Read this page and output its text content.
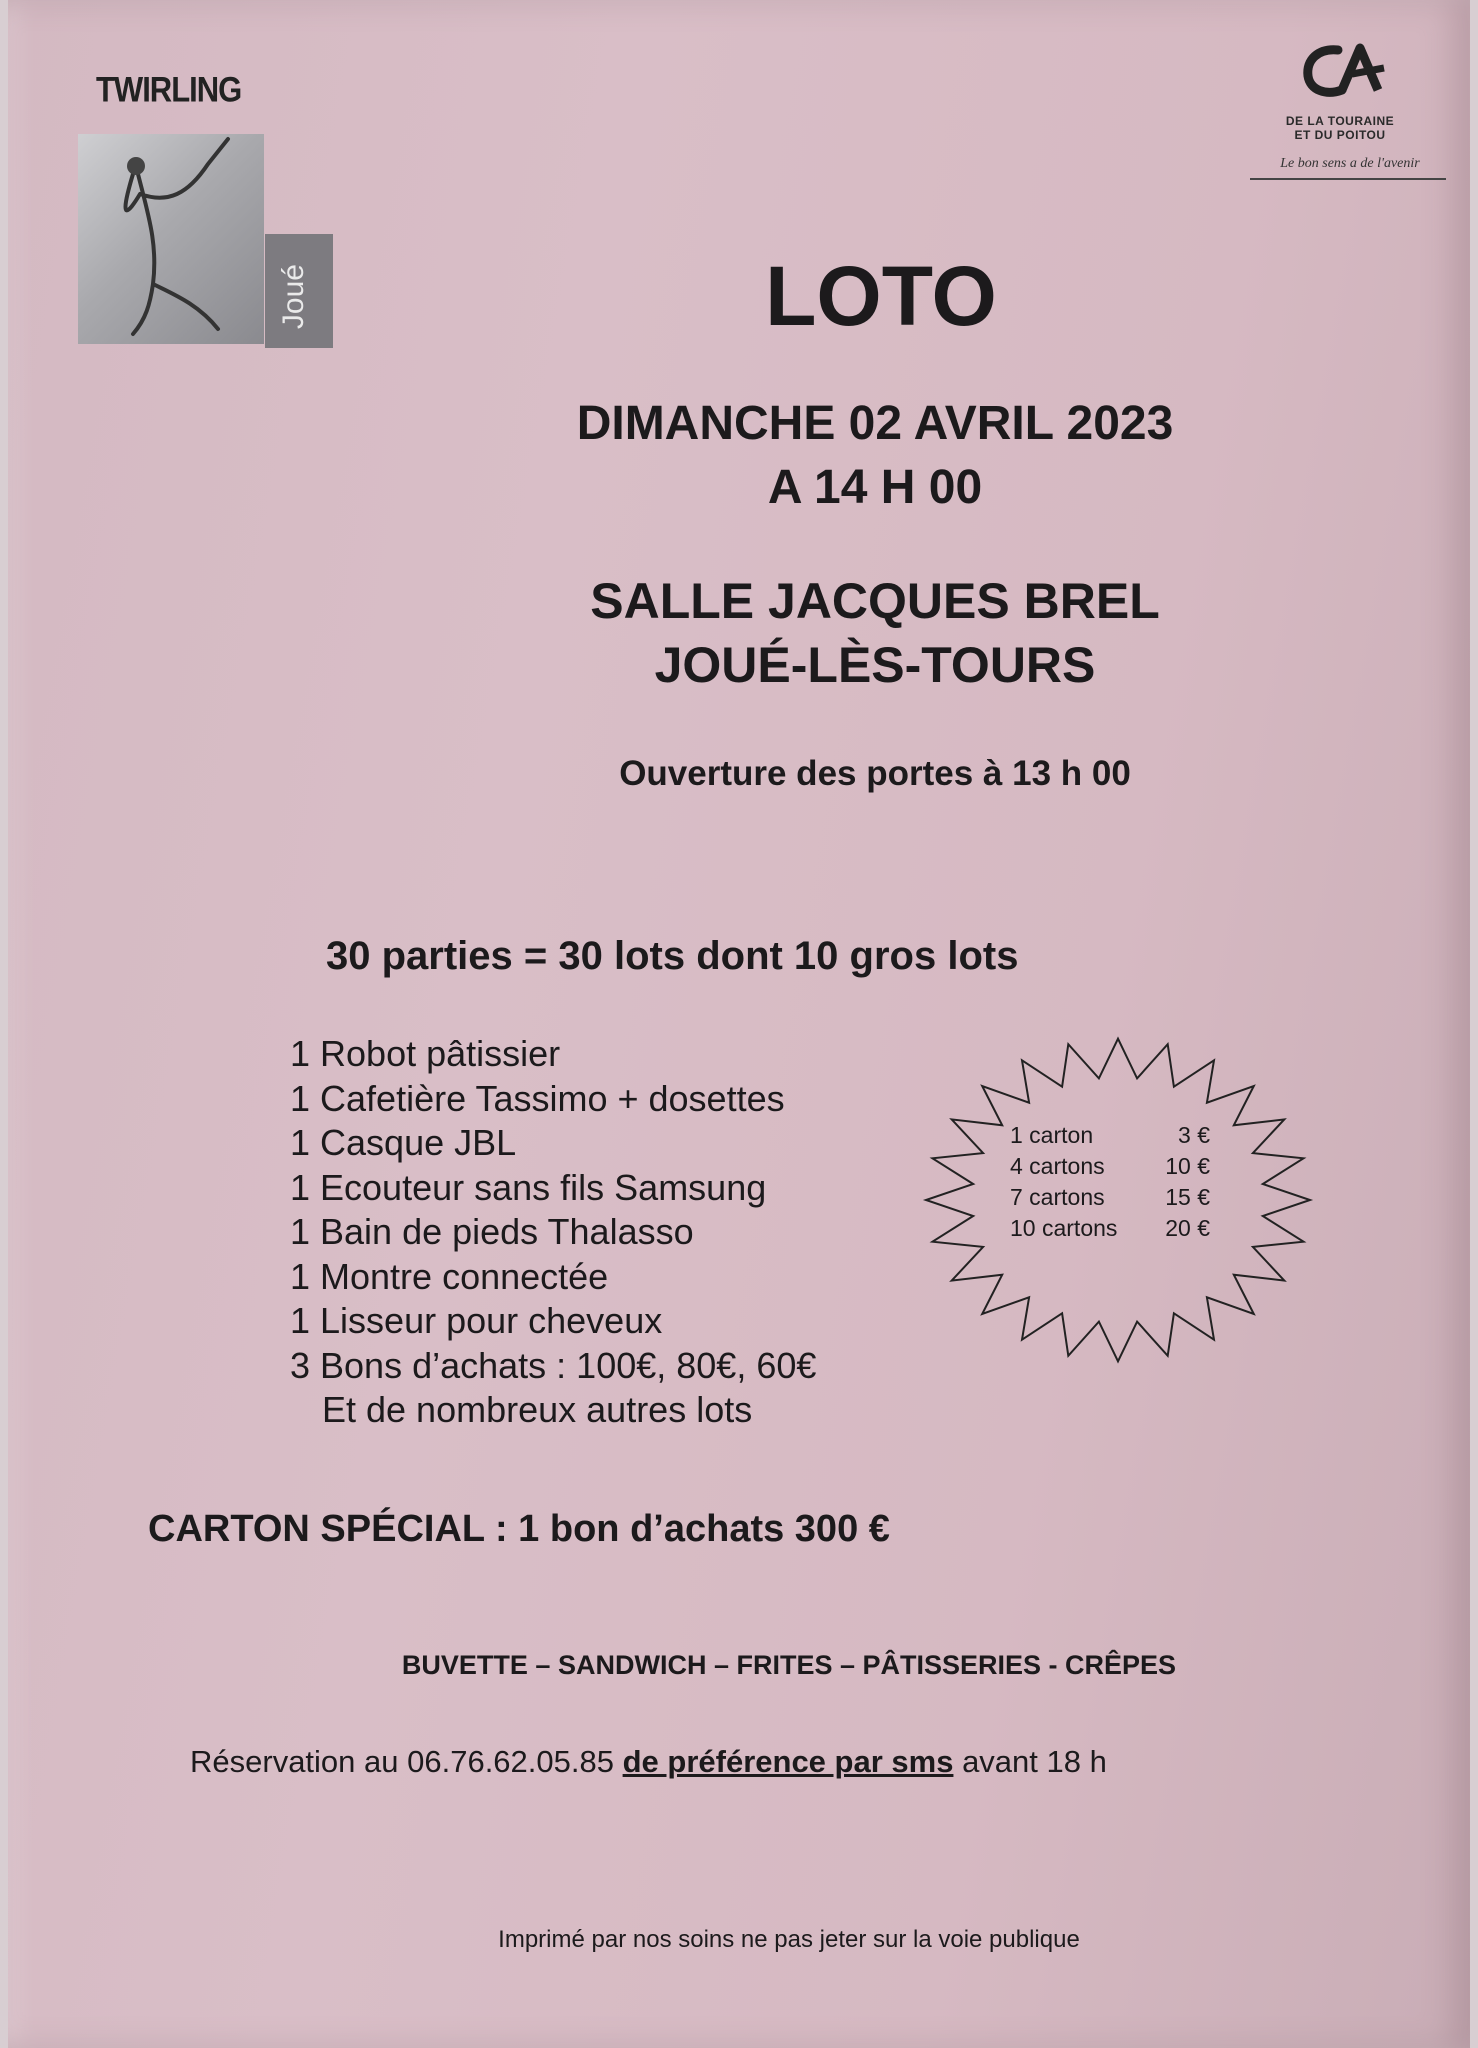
TWIRLING
Joué
DE LA TOURAINE
ET DU POITOU
Le bon sens a de l'avenir
LOTO
DIMANCHE 02 AVRIL 2023
A 14 H 00
SALLE JACQUES BREL
JOUÉ-LÈS-TOURS
Ouverture des portes à 13 h 00
30 parties = 30 lots dont 10 gros lots
1 Robot pâtissier
1 Cafetière Tassimo + dosettes
1 Casque JBL
1 Ecouteur sans fils Samsung
1 Bain de pieds Thalasso
1 Montre connectée
1 Lisseur pour cheveux
3 Bons d’achats : 100€, 80€, 60€
Et de nombreux autres lots
1 carton	3 €
4 cartons	10 €
7 cartons	15 €
10 cartons 20 €
CARTON SPÉCIAL : 1 bon d’achats 300 €
BUVETTE – SANDWICH – FRITES – PÂTISSERIES - CRÊPES
Réservation au 06.76.62.05.85 de préférence par sms avant 18 h
Imprimé par nos soins ne pas jeter sur la voie publique
